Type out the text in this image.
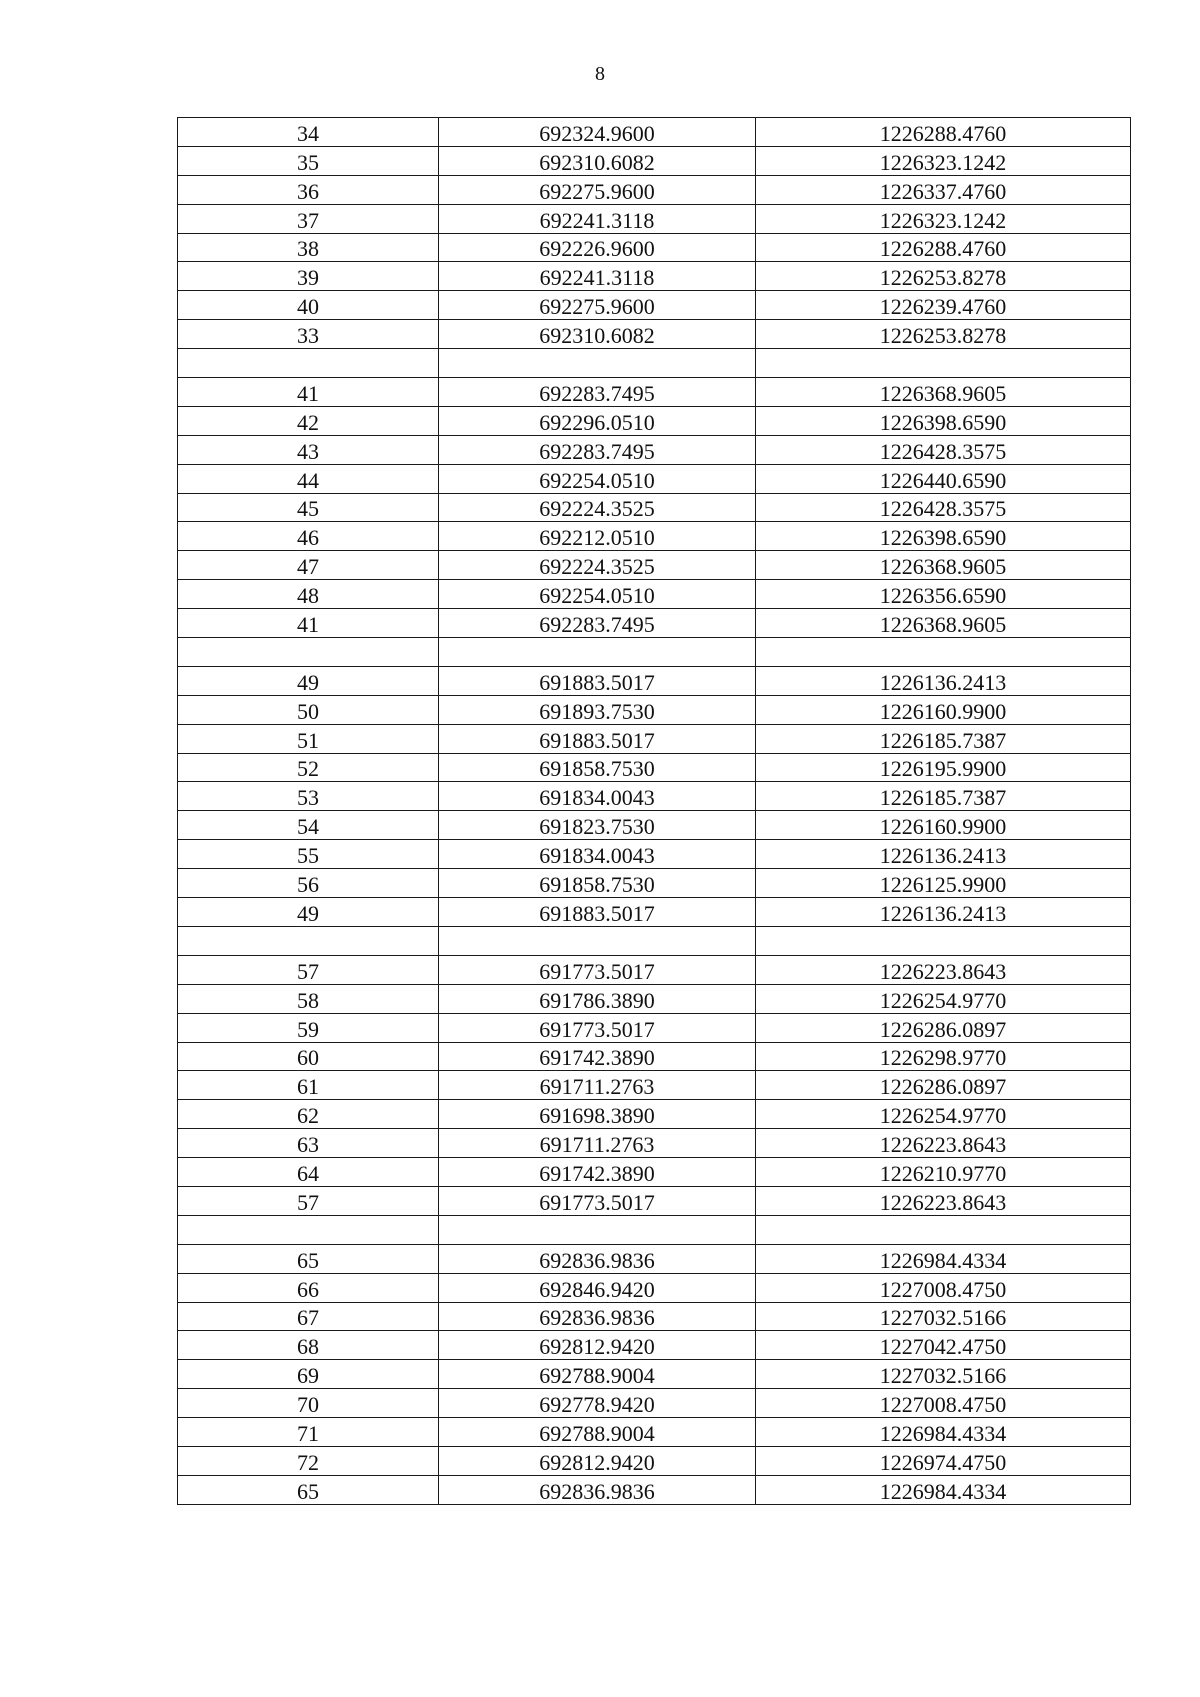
8
34	692324.9600	1226288.4760
35	692310.6082	1226323.1242
36	692275.9600	1226337.4760
37	692241.3118	1226323.1242
38	692226.9600	1226288.4760
39	692241.3118	1226253.8278
40	692275.9600	1226239.4760
33	692310.6082	1226253.8278

41	692283.7495	1226368.9605
42	692296.0510	1226398.6590
43	692283.7495	1226428.3575
44	692254.0510	1226440.6590
45	692224.3525	1226428.3575
46	692212.0510	1226398.6590
47	692224.3525	1226368.9605
48	692254.0510	1226356.6590
41	692283.7495	1226368.9605

49	691883.5017	1226136.2413
50	691893.7530	1226160.9900
51	691883.5017	1226185.7387
52	691858.7530	1226195.9900
53	691834.0043	1226185.7387
54	691823.7530	1226160.9900
55	691834.0043	1226136.2413
56	691858.7530	1226125.9900
49	691883.5017	1226136.2413

57	691773.5017	1226223.8643
58	691786.3890	1226254.9770
59	691773.5017	1226286.0897
60	691742.3890	1226298.9770
61	691711.2763	1226286.0897
62	691698.3890	1226254.9770
63	691711.2763	1226223.8643
64	691742.3890	1226210.9770
57	691773.5017	1226223.8643

65	692836.9836	1226984.4334
66	692846.9420	1227008.4750
67	692836.9836	1227032.5166
68	692812.9420	1227042.4750
69	692788.9004	1227032.5166
70	692778.9420	1227008.4750
71	692788.9004	1226984.4334
72	692812.9420	1226974.4750
65	692836.9836	1226984.4334
